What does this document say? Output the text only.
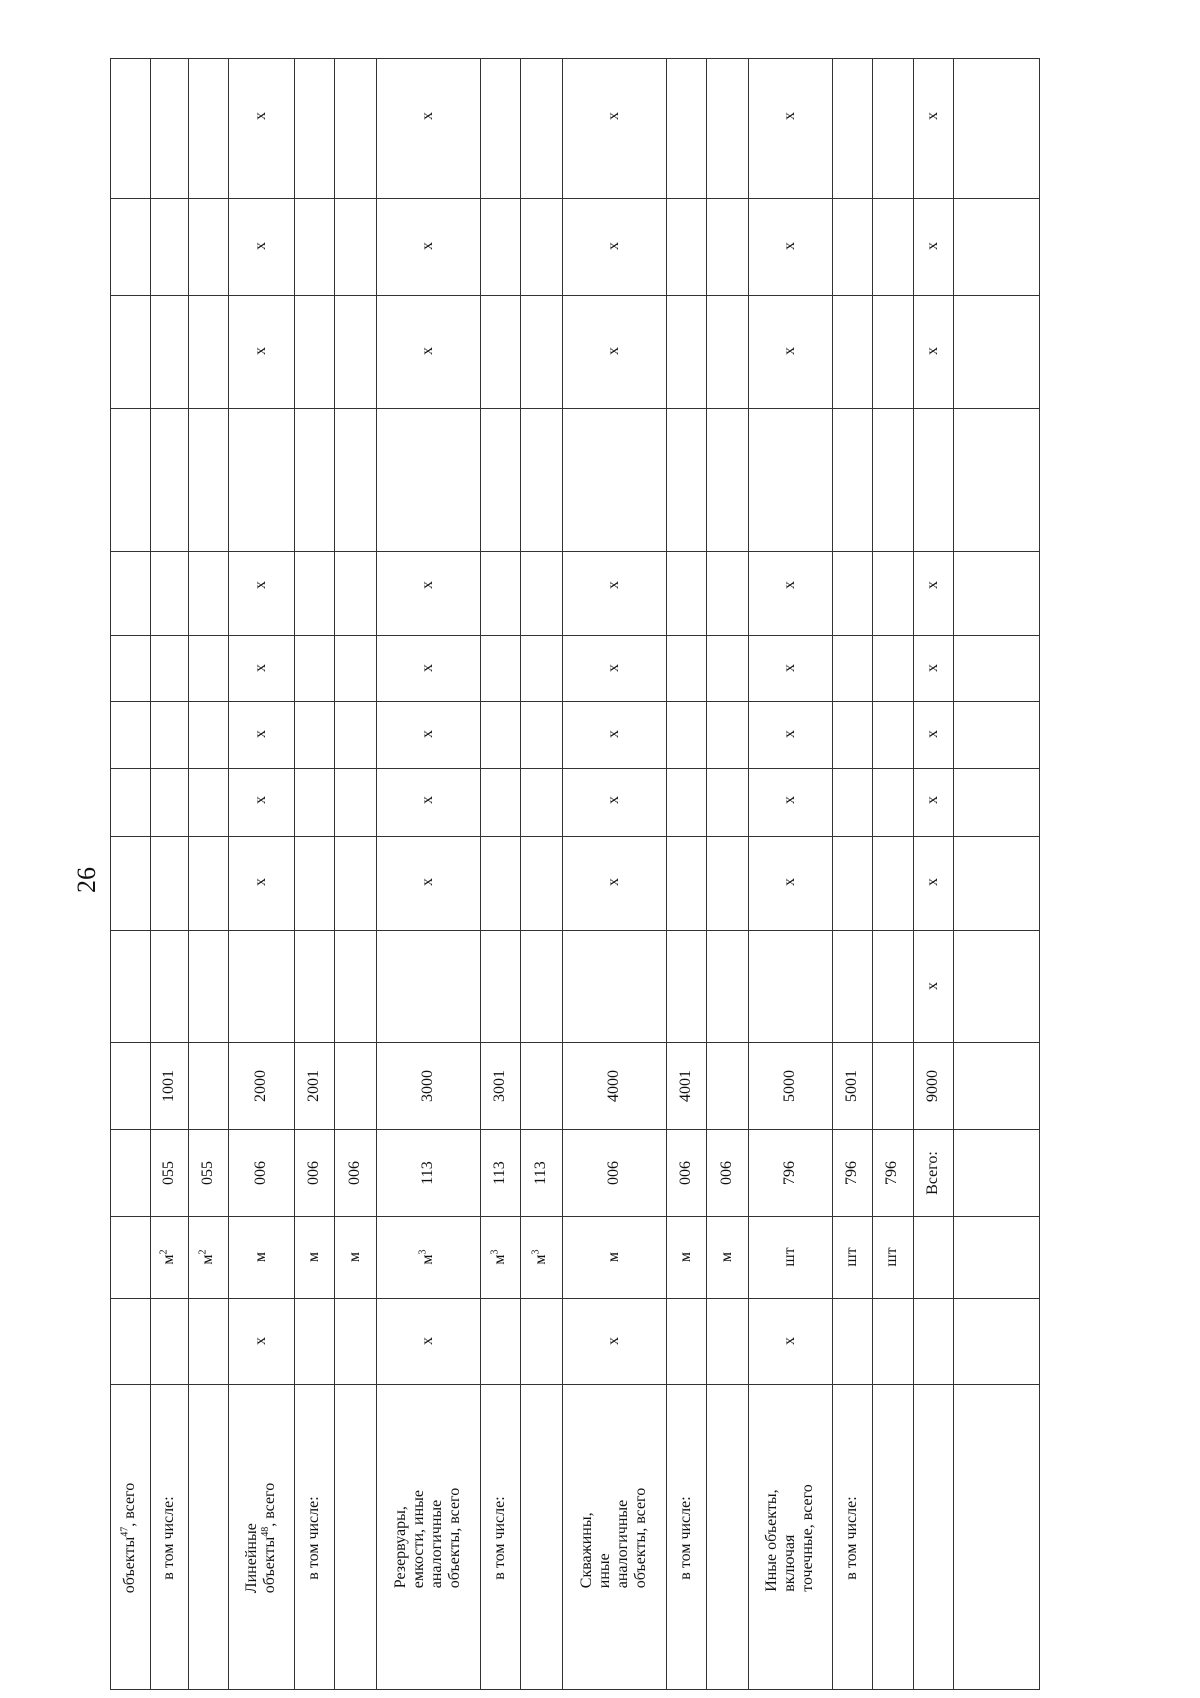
26
объекты$^{47}$, всего в том числе:
$м^2$
055
1001
$м^2$
055
Линейные
объекты$^{48}$, всего
x
м
006
2000
в том числе:
м
006
2001
м
006
Резервуары,
емкости, иные
аналогичные
объекты, всего
x
$м^3$
113
3000
в том числе:
$м^3$
113
3001
$м^3$
113
Скважины,
иные
аналогичные
объекты, всего
x
м
006
4000
в том числе:
м
006
4001
м
006
Иные объекты,
включая
точечные, всего
x
шт
796
5000
в том числе:
шт
796
5001
шт
796 Всего:
9000
x
x
x
x
x
x
x
x
x
x
x
x
x
x
x
x
x
x
x
x
x
x
x
x
x
x
x
x
x
x
x
x
x
x
x
x
x
x
x
x
x
